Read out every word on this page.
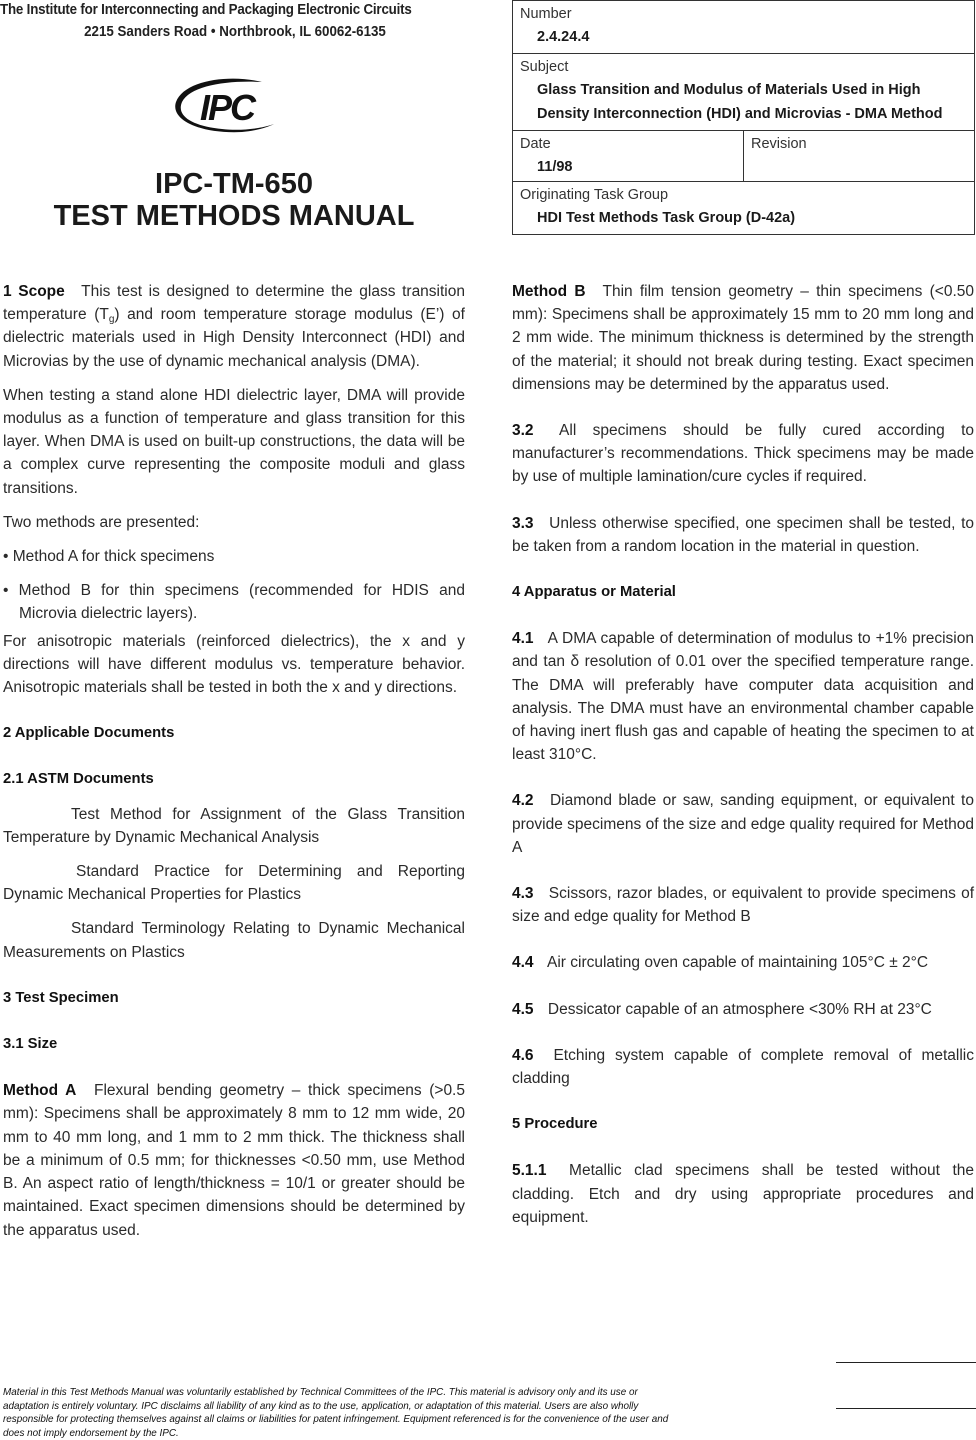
The Institute for Interconnecting and Packaging Electronic Circuits
2215 Sanders Road • Northbrook, IL 60062-6135
IPC
IPC-TM-650
TEST METHODS MANUAL
Number
2.4.24.4
Subject
Glass Transition and Modulus of Materials Used in High Density Interconnection (HDI) and Microvias - DMA Method
Date
11/98
Revision
Originating Task Group
HDI Test Methods Task Group (D-42a)

1 Scope This test is designed to determine the glass transition temperature $(T_g)$ and room temperature storage modulus (E’) of dielectric materials used in High Density Interconnect (HDI) and Microvias by the use of dynamic mechanical analysis (DMA).

When testing a stand alone HDI dielectric layer, DMA will provide modulus as a function of temperature and glass transition for this layer. When DMA is used on built-up constructions, the data will be a complex curve representing the composite moduli and glass transitions.

Two methods are presented:

• Method A for thick specimens

• Method B for thin specimens (recommended for HDIS and Microvia dielectric layers).

For anisotropic materials (reinforced dielectrics), the x and y directions will have different modulus vs. temperature behavior. Anisotropic materials shall be tested in both the x and y directions.

2 Applicable Documents

2.1 ASTM Documents

Test Method for Assignment of the Glass Transition Temperature by Dynamic Mechanical Analysis

Standard Practice for Determining and Reporting Dynamic Mechanical Properties for Plastics

Standard Terminology Relating to Dynamic Mechanical Measurements on Plastics

3 Test Specimen

3.1 Size

Method A Flexural bending geometry – thick specimens (>0.5 mm): Specimens shall be approximately 8 mm to 12 mm wide, 20 mm to 40 mm long, and 1 mm to 2 mm thick. The thickness shall be a minimum of 0.5 mm; for thicknesses <0.50 mm, use Method B. An aspect ratio of length/thickness = 10/1 or greater should be maintained. Exact specimen dimensions should be determined by the apparatus used.

Method B Thin film tension geometry – thin specimens (<0.50 mm): Specimens shall be approximately 15 mm to 20 mm long and 2 mm wide. The minimum thickness is determined by the strength of the material; it should not break during testing. Exact specimen dimensions may be determined by the apparatus used.

3.2 All specimens should be fully cured according to manufacturer’s recommendations. Thick specimens may be made by use of multiple lamination/cure cycles if required.

3.3 Unless otherwise specified, one specimen shall be tested, to be taken from a random location in the material in question.

4 Apparatus or Material

4.1 A DMA capable of determination of modulus to +1% precision and tan δ resolution of 0.01 over the specified temperature range. The DMA will preferably have computer data acquisition and analysis. The DMA must have an environmental chamber capable of having inert flush gas and capable of heating the specimen to at least 310°C.

4.2 Diamond blade or saw, sanding equipment, or equivalent to provide specimens of the size and edge quality required for Method A

4.3 Scissors, razor blades, or equivalent to provide specimens of size and edge quality for Method B

4.4 Air circulating oven capable of maintaining 105°C ± 2°C

4.5 Dessicator capable of an atmosphere <30% RH at 23°C

4.6 Etching system capable of complete removal of metallic cladding

5 Procedure

5.1.1 Metallic clad specimens shall be tested without the cladding. Etch and dry using appropriate procedures and equipment.

Material in this Test Methods Manual was voluntarily established by Technical Committees of the IPC. This material is advisory only and its use or adaptation is entirely voluntary. IPC disclaims all liability of any kind as to the use, application, or adaptation of this material. Users are also wholly responsible for protecting themselves against all claims or liabilities for patent infringement. Equipment referenced is for the convenience of the user and does not imply endorsement by the IPC.
